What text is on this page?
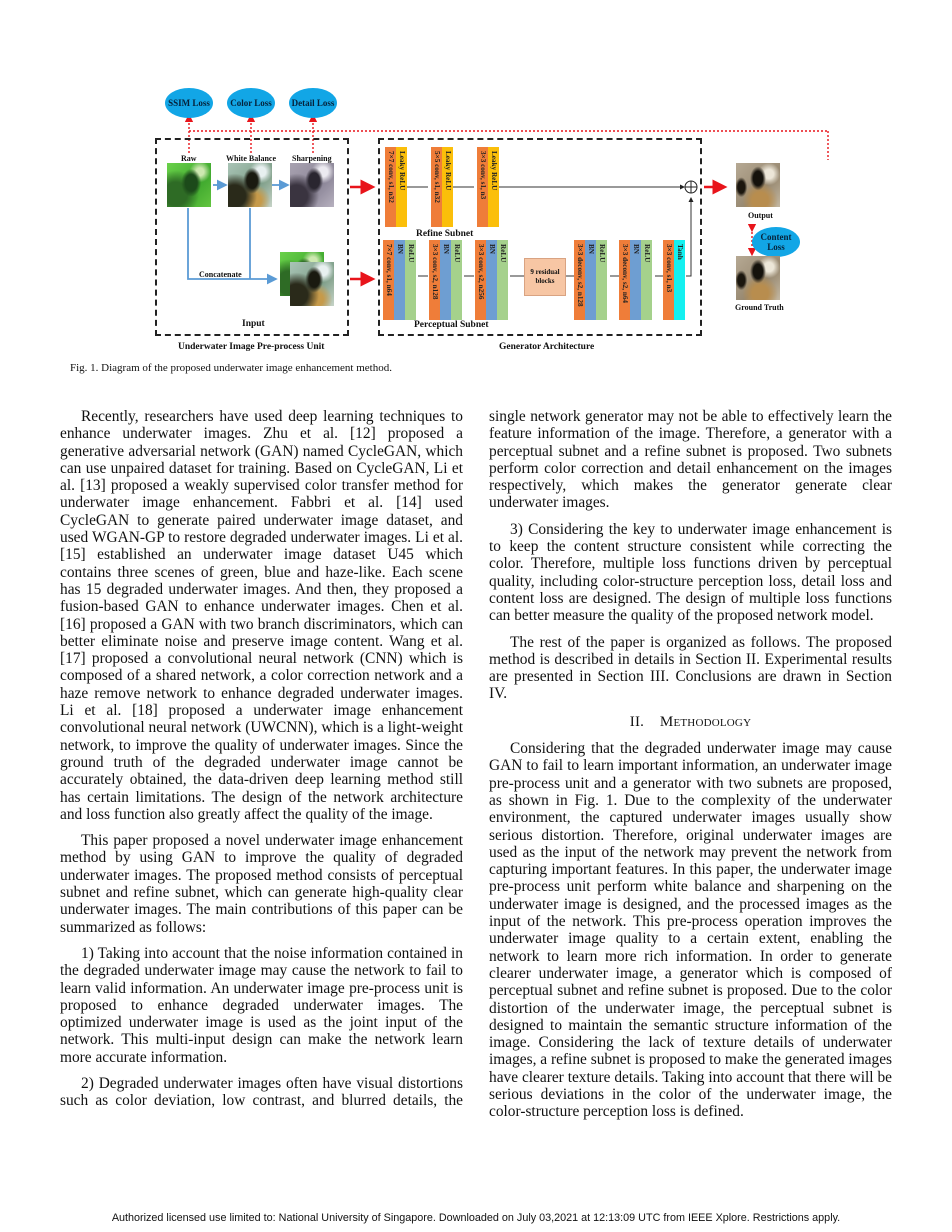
SSIM Loss	Color Loss	Detail Loss
Content Loss
Raw	White Balance Sharpening
Concatenate
Input
Underwater Image Pre-process Unit
7×7 conv, s1, n32 Leaky ReLU	5×5 conv, s1, n32 Leaky ReLU	3×3 conv, s1, n3 Leaky ReLU
Refine Subnet
7×7 conv, s1, n64 BN ReLU 3×3 conv, s2, n128 BN ReLU 3×3 conv, s2, n256 BN ReLU
9 residual blocks	3×3 deconv, s2, n128 BN ReLU 3×3 deconv, s2, n64 BN ReLU 3×3 conv, s1, n3 Tanh
Perceptual Subnet
Generator Architecture
Output
Ground Truth
Fig. 1. Diagram of the proposed underwater image enhancement method.

Recently, researchers have used deep learning techniques to enhance underwater images. Zhu et al. [12] proposed a generative adversarial network (GAN) named CycleGAN, which can use unpaired dataset for training. Based on CycleGAN, Li et al. [13] proposed a weakly supervised color transfer method for underwater image enhancement. Fabbri et al. [14] used CycleGAN to generate paired underwater image dataset, and used WGAN-GP to restore degraded underwater images. Li et al. [15] established an underwater image dataset U45 which contains three scenes of green, blue and haze-like. Each scene has 15 degraded underwater images. And then, they proposed a fusion-based GAN to enhance underwater images. Chen et al. [16] proposed a GAN with two branch discriminators, which can better eliminate noise and preserve image content. Wang et al. [17] proposed a convolutional neural network (CNN) which is composed of a shared network, a color correction network and a haze remove network to enhance degraded underwater images. Li et al. [18] proposed a underwater image enhancement convolutional neural network (UWCNN), which is a light-weight network, to improve the quality of underwater images. Since the ground truth of the degraded underwater image cannot be accurately obtained, the data-driven deep learning method still has certain limitations. The design of the network architecture and loss function also greatly affect the quality of the image.

This paper proposed a novel underwater image enhancement method by using GAN to improve the quality of degraded underwater images. The proposed method consists of perceptual subnet and refine subnet, which can generate high-quality clear underwater images. The main contributions of this paper can be summarized as follows:

1) Taking into account that the noise information contained in the degraded underwater image may cause the network to fail to learn valid information. An underwater image pre-process unit is proposed to enhance degraded underwater images. The optimized underwater image is used as the joint input of the network. This multi-input design can make the network learn more accurate information.

2) Degraded underwater images often have visual distortions such as color deviation, low contrast, and blurred details, the

single network generator may not be able to effectively learn the feature information of the image. Therefore, a generator with a perceptual subnet and a refine subnet is proposed. Two subnets perform color correction and detail enhancement on the images respectively, which makes the generator generate clear underwater images.

3) Considering the key to underwater image enhancement is to keep the content structure consistent while correcting the color. Therefore, multiple loss functions driven by perceptual quality, including color-structure perception loss, detail loss and content loss are designed. The design of multiple loss functions can better measure the quality of the proposed network model.

The rest of the paper is organized as follows. The proposed method is described in details in Section II. Experimental results are presented in Section III. Conclusions are drawn in Section IV.

II. Methodology

Considering that the degraded underwater image may cause GAN to fail to learn important information, an underwater image pre-process unit and a generator with two subnets are proposed, as shown in Fig. 1. Due to the complexity of the underwater environment, the captured underwater images usually show serious distortion. Therefore, original underwater images are used as the input of the network may prevent the network from capturing important features. In this paper, the underwater image pre-process unit perform white balance and sharpening on the underwater image is designed, and the processed images as the input of the network. This pre-process operation improves the underwater image quality to a certain extent, enabling the network to learn more rich information. In order to generate clearer underwater image, a generator which is composed of perceptual subnet and refine subnet is proposed. Due to the color distortion of the underwater image, the perceptual subnet is designed to maintain the semantic structure information of the image. Considering the lack of texture details of underwater images, a refine subnet is proposed to make the generated images have clearer texture details. Taking into account that there will be serious deviations in the color of the underwater image, the color-structure perception loss is defined.

Authorized licensed use limited to: National University of Singapore. Downloaded on July 03,2021 at 12:13:09 UTC from IEEE Xplore. Restrictions apply.
